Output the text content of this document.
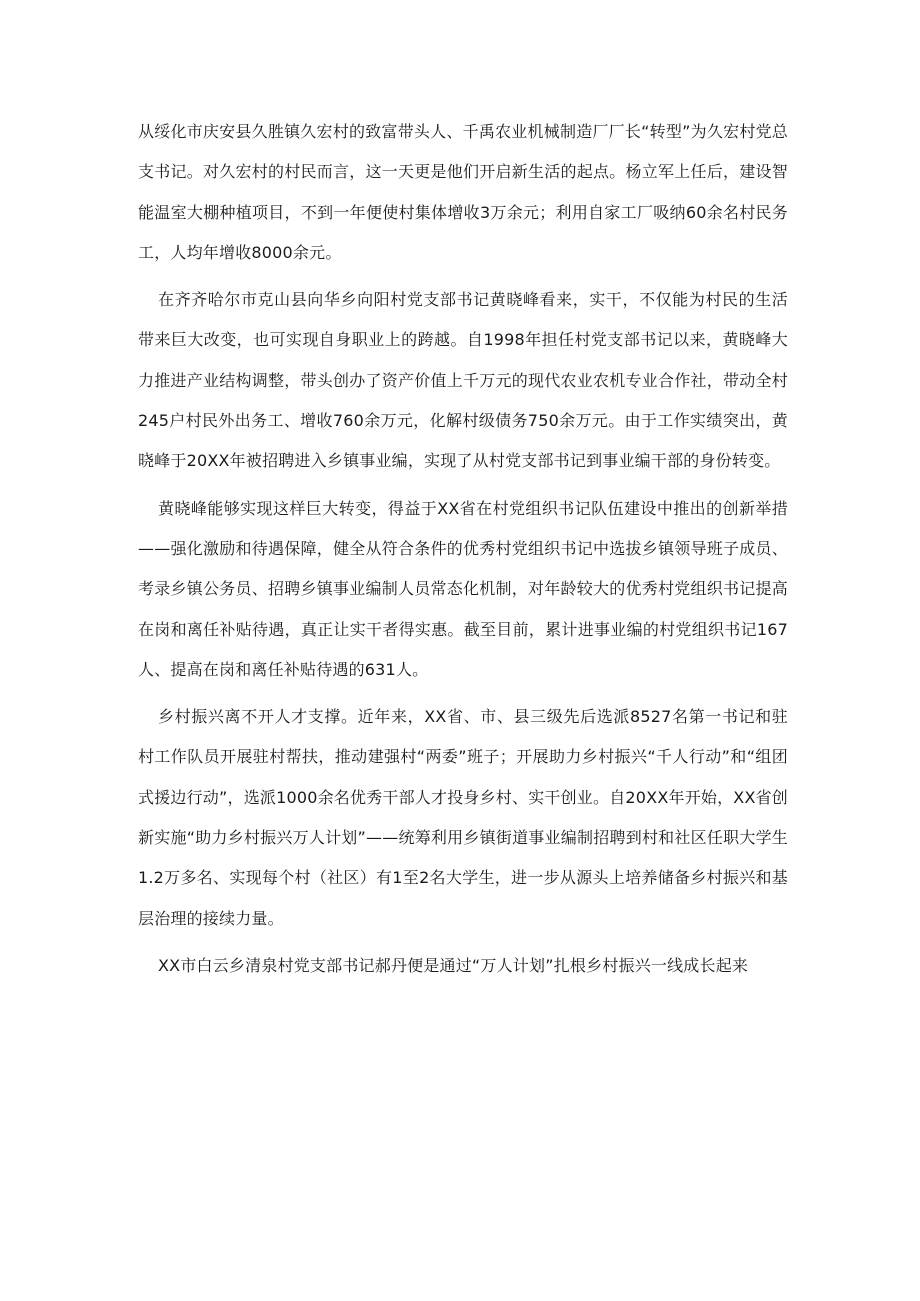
从绥化市庆安县久胜镇久宏村的致富带头人、千禹农业机械制造厂厂长“转型”为久宏村党总支书记。对久宏村的村民而言，这一天更是他们开启新生活的起点。杨立军上任后，建设智能温室大棚种植项目，不到一年便使村集体增收3万余元；利用自家工厂吸纳60余名村民务工，人均年增收8000余元。

在齐齐哈尔市克山县向华乡向阳村党支部书记黄晓峰看来，实干，不仅能为村民的生活带来巨大改变，也可实现自身职业上的跨越。自1998年担任村党支部书记以来，黄晓峰大力推进产业结构调整，带头创办了资产价值上千万元的现代农业农机专业合作社，带动全村245户村民外出务工、增收760余万元，化解村级债务750余万元。由于工作实绩突出，黄晓峰于20XX年被招聘进入乡镇事业编，实现了从村党支部书记到事业编干部的身份转变。

黄晓峰能够实现这样巨大转变，得益于XX省在村党组织书记队伍建设中推出的创新举措——强化激励和待遇保障，健全从符合条件的优秀村党组织书记中选拔乡镇领导班子成员、考录乡镇公务员、招聘乡镇事业编制人员常态化机制，对年龄较大的优秀村党组织书记提高在岗和离任补贴待遇，真正让实干者得实惠。截至目前，累计进事业编的村党组织书记167人、提高在岗和离任补贴待遇的631人。

乡村振兴离不开人才支撑。近年来，XX省、市、县三级先后选派8527名第一书记和驻村工作队员开展驻村帮扶，推动建强村“两委”班子；开展助力乡村振兴“千人行动”和“组团式援边行动”，选派1000余名优秀干部人才投身乡村、实干创业。自20XX年开始，XX省创新实施“助力乡村振兴万人计划”——统筹利用乡镇街道事业编制招聘到村和社区任职大学生1.2万多名、实现每个村（社区）有1至2名大学生，进一步从源头上培养储备乡村振兴和基层治理的接续力量。

XX市白云乡清泉村党支部书记郝丹便是通过“万人计划”扎根乡村振兴一线成长起来
